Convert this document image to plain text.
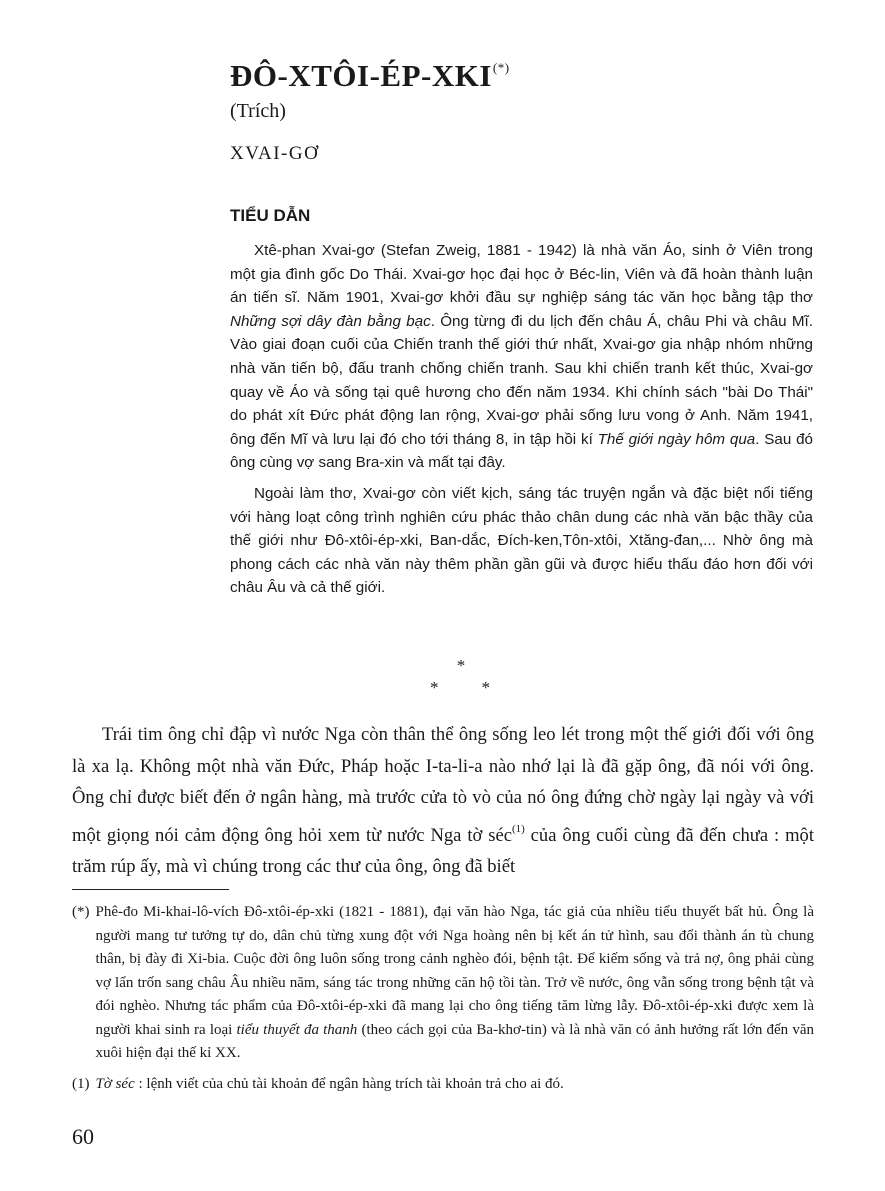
ĐÔ-XTÔI-ÉP-XKI(*)
(Trích)
XVAI-GƠ
TIỂU DẪN

Xtê-phan Xvai-gơ (Stefan Zweig, 1881 - 1942) là nhà văn Áo, sinh ở Viên trong một gia đình gốc Do Thái. Xvai-gơ học đại học ở Béc-lin, Viên và đã hoàn thành luận án tiến sĩ. Năm 1901, Xvai-gơ khởi đầu sự nghiệp sáng tác văn học bằng tập thơ Những sợi dây đàn bằng bạc. Ông từng đi du lịch đến châu Á, châu Phi và châu Mĩ. Vào giai đoạn cuối của Chiến tranh thế giới thứ nhất, Xvai-gơ gia nhập nhóm những nhà văn tiến bộ, đấu tranh chống chiến tranh. Sau khi chiến tranh kết thúc, Xvai-gơ quay về Áo và sống tại quê hương cho đến năm 1934. Khi chính sách "bài Do Thái" do phát xít Đức phát động lan rộng, Xvai-gơ phải sống lưu vong ở Anh. Năm 1941, ông đến Mĩ và lưu lại đó cho tới tháng 8, in tập hồi kí Thế giới ngày hôm qua. Sau đó ông cùng vợ sang Bra-xin và mất tại đây.

Ngoài làm thơ, Xvai-gơ còn viết kịch, sáng tác truyện ngắn và đặc biệt nổi tiếng với hàng loạt công trình nghiên cứu phác thảo chân dung các nhà văn bậc thầy của thế giới như Đô-xtôi-ép-xki, Ban-dắc, Đích-ken,Tôn-xtôi, Xtăng-đan,... Nhờ ông mà phong cách các nhà văn này thêm phần gần gũi và được hiểu thấu đáo hơn đối với châu Âu và cả thế giới.

*
*	*

Trái tim ông chỉ đập vì nước Nga còn thân thể ông sống leo lét trong một thế giới đối với ông là xa lạ. Không một nhà văn Đức, Pháp hoặc I-ta-li-a nào nhớ lại là đã gặp ông, đã nói với ông. Ông chỉ được biết đến ở ngân hàng, mà trước cửa tò vò của nó ông đứng chờ ngày lại ngày và với một giọng nói cảm động ông hỏi xem từ nước Nga tờ séc$^{(1)}$ của ông cuối cùng đã đến chưa : một trăm rúp ấy, mà vì chúng trong các thư của ông, ông đã biết

(*) Phê-đo Mi-khai-lô-vích Đô-xtôi-ép-xki (1821 - 1881), đại văn hào Nga, tác giả của nhiều tiểu thuyết bất hủ. Ông là người mang tư tưởng tự do, dân chủ từng xung đột với Nga hoàng nên bị kết án tử hình, sau đổi thành án tù chung thân, bị đày đi Xi-bia. Cuộc đời ông luôn sống trong cảnh nghèo đói, bệnh tật. Để kiếm sống và trả nợ, ông phải cùng vợ lẩn trốn sang châu Âu nhiều năm, sáng tác trong những căn hộ tồi tàn. Trở về nước, ông vẫn sống trong bệnh tật và đói nghèo. Nhưng tác phẩm của Đô-xtôi-ép-xki đã mang lại cho ông tiếng tăm lừng lẫy. Đô-xtôi-ép-xki được xem là người khai sinh ra loại tiểu thuyết đa thanh (theo cách gọi của Ba-khơ-tin) và là nhà văn có ảnh hưởng rất lớn đến văn xuôi hiện đại thế kỉ XX.
(1) Tờ séc : lệnh viết của chủ tài khoản để ngân hàng trích tài khoản trả cho ai đó.
60
